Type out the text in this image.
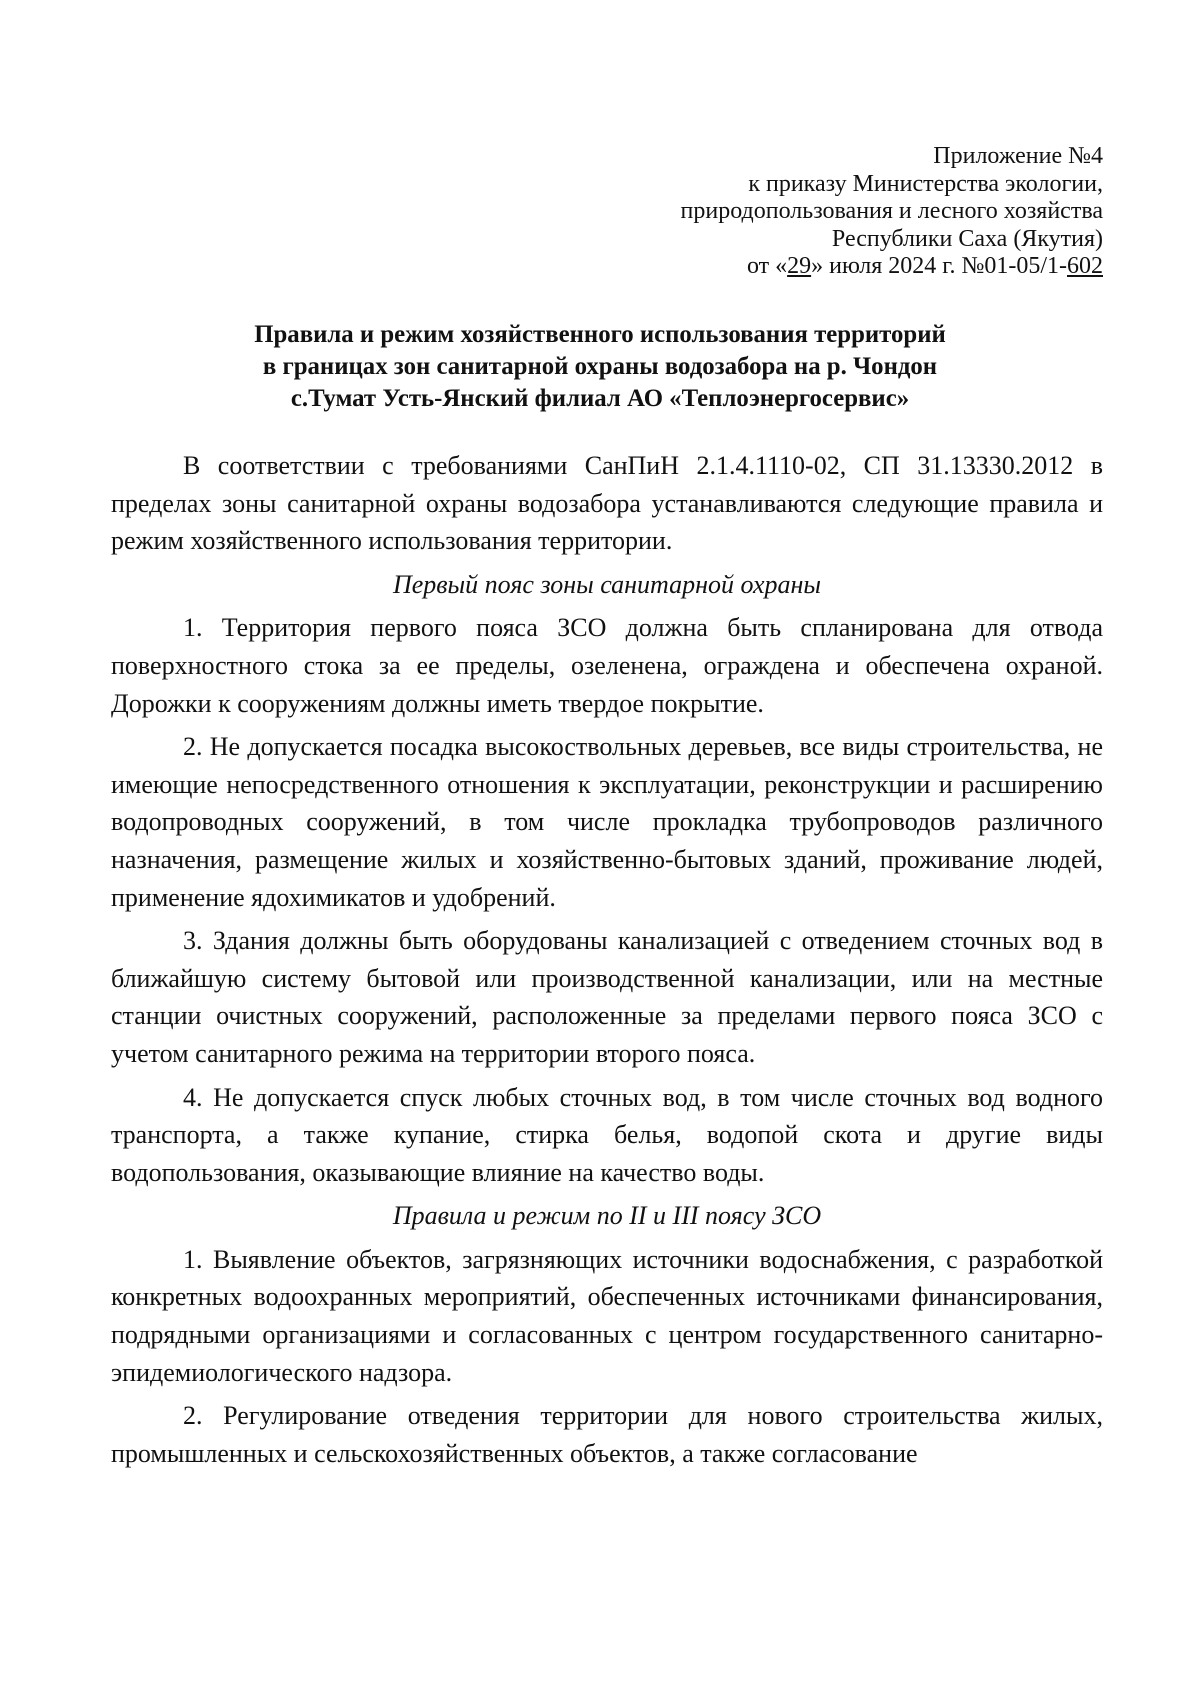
Приложение №4
к приказу Министерства экологии,
природопользования и лесного хозяйства
Республики Саха (Якутия)
от «29» июля 2024 г. №01-05/1-602
Правила и режим хозяйственного использования территорий
в границах зон санитарной охраны водозабора на р. Чондон
с.Тумат Усть-Янский филиал АО «Теплоэнергосервис»

В соответствии с требованиями СанПиН 2.1.4.1110-02, СП 31.13330.2012 в пределах зоны санитарной охраны водозабора устанавливаются следующие правила и режим хозяйственного использования территории.

Первый пояс зоны санитарной охраны

1. Территория первого пояса ЗСО должна быть спланирована для отвода поверхностного стока за ее пределы, озеленена, ограждена и обеспечена охраной. Дорожки к сооружениям должны иметь твердое покрытие.

2. Не допускается посадка высокоствольных деревьев, все виды строительства, не имеющие непосредственного отношения к эксплуатации, реконструкции и расширению водопроводных сооружений, в том числе прокладка трубопроводов различного назначения, размещение жилых и хозяйственно-бытовых зданий, проживание людей, применение ядохимикатов и удобрений.

3. Здания должны быть оборудованы канализацией с отведением сточных вод в ближайшую систему бытовой или производственной канализации, или на местные станции очистных сооружений, расположенные за пределами первого пояса ЗСО с учетом санитарного режима на территории второго пояса.

4. Не допускается спуск любых сточных вод, в том числе сточных вод водного транспорта, а также купание, стирка белья, водопой скота и другие виды водопользования, оказывающие влияние на качество воды.

Правила и режим по II и III поясу ЗСО

1. Выявление объектов, загрязняющих источники водоснабжения, с разработкой конкретных водоохранных мероприятий, обеспеченных источниками финансирования, подрядными организациями и согласованных с центром государственного санитарно-эпидемиологического надзора.

2. Регулирование отведения территории для нового строительства жилых, промышленных и сельскохозяйственных объектов, а также согласование
